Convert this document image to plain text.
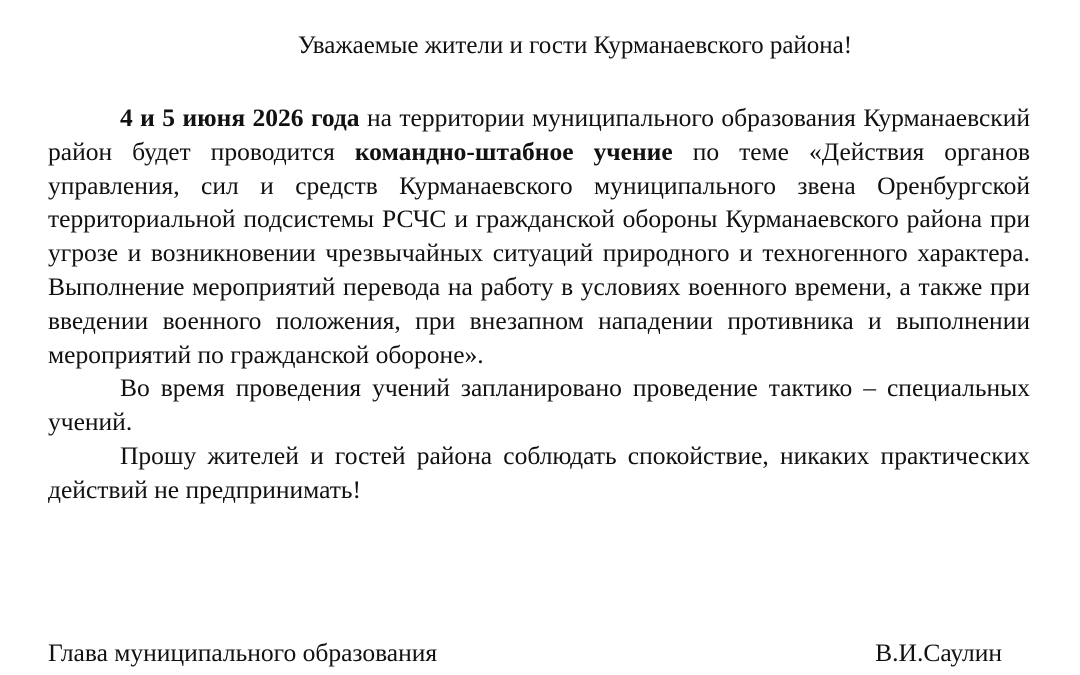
Уважаемые жители и гости Курманаевского района!

4 и 5 июня 2026 года на территории муниципального образования Курманаевский район будет проводится командно-штабное учение по теме «Действия органов управления, сил и средств Курманаевского муниципального звена Оренбургской территориальной подсистемы РСЧС и гражданской обороны Курманаевского района при угрозе и возникновении чрезвычайных ситуаций природного и техногенного характера. Выполнение мероприятий перевода на работу в условиях военного времени, а также при введении военного положения, при внезапном нападении противника и выполнении мероприятий по гражданской обороне».

Во время проведения учений запланировано проведение тактико – специальных учений.

Прошу жителей и гостей района соблюдать спокойствие, никаких практических действий не предпринимать!

Глава муниципального образования	В.И.Саулин
